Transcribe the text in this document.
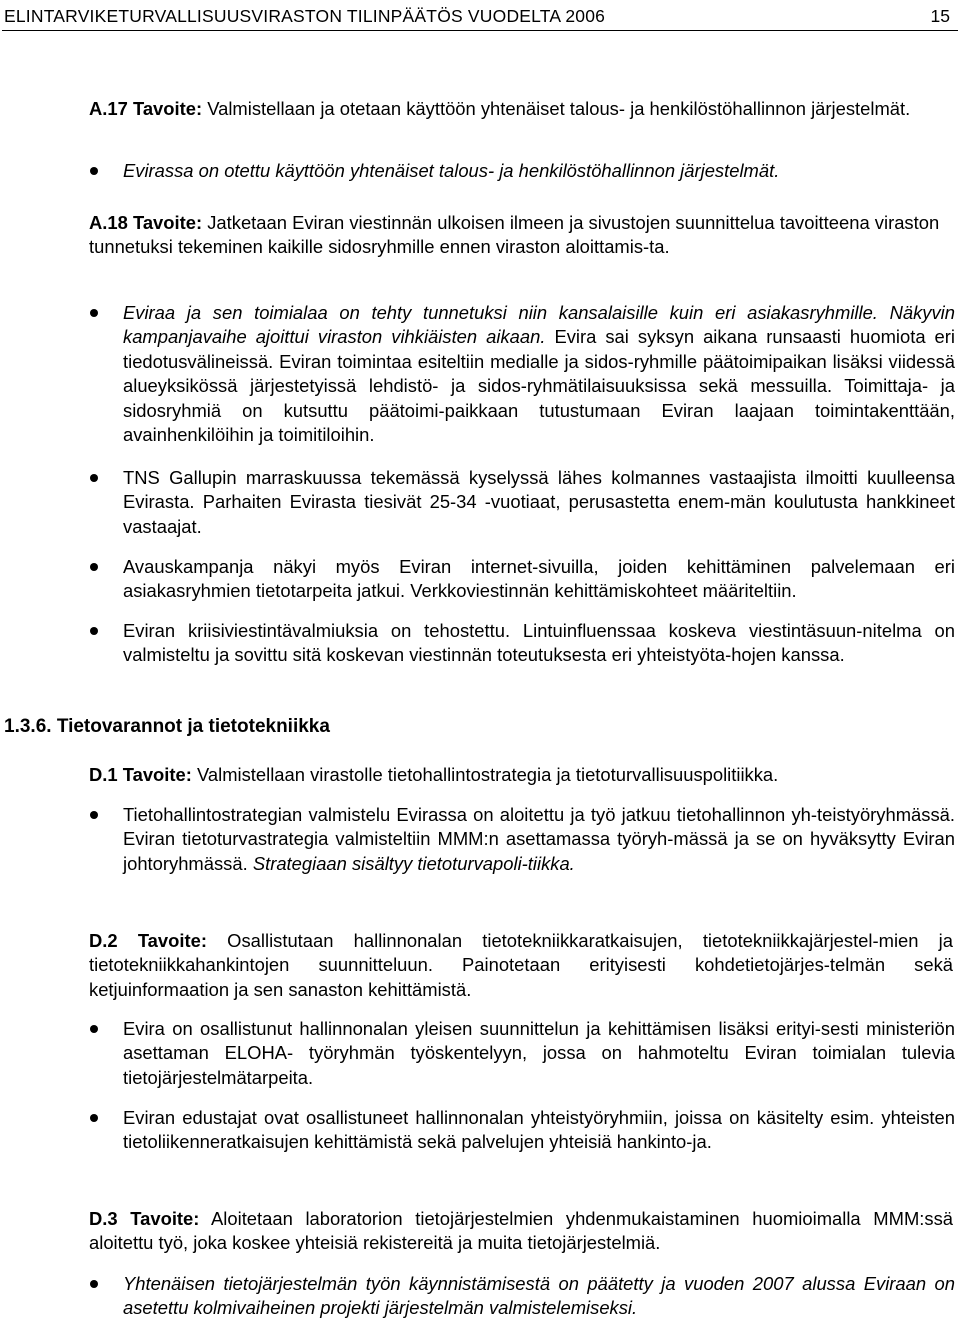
ELINTARVIKETURVALLISUUSVIRASTON TILINPÄÄTÖS VUODELTA 2006	15

A.17 Tavoite: Valmistellaan ja otetaan käyttöön yhtenäiset talous- ja henkilöstöhallinnon järjestelmät.

Evirassa on otettu käyttöön yhtenäiset talous- ja henkilöstöhallinnon järjestelmät.

A.18 Tavoite: Jatketaan Eviran viestinnän ulkoisen ilmeen ja sivustojen suunnittelua tavoitteena viraston tunnetuksi tekeminen kaikille sidosryhmille ennen viraston aloittamis-ta.

Eviraa ja sen toimialaa on tehty tunnetuksi niin kansalaisille kuin eri asiakasryhmille. Näkyvin kampanjavaihe ajoittui viraston vihkiäisten aikaan. Evira sai syksyn aikana runsaasti huomiota eri tiedotusvälineissä. Eviran toimintaa esiteltiin medialle ja sidos-ryhmille päätoimipaikan lisäksi viidessä alueyksikössä järjestetyissä lehdistö- ja sidos-ryhmätilaisuuksissa sekä messuilla. Toimittaja- ja sidosryhmiä on kutsuttu päätoimi-paikkaan tutustumaan Eviran laajaan toimintakenttään, avainhenkilöihin ja toimitiloihin.

TNS Gallupin marraskuussa tekemässä kyselyssä lähes kolmannes vastaajista ilmoitti kuulleensa Evirasta. Parhaiten Evirasta tiesivät 25-34 -vuotiaat, perusastetta enem-män koulutusta hankkineet vastaajat.

Avauskampanja näkyi myös Eviran internet-sivuilla, joiden kehittäminen palvelemaan eri asiakasryhmien tietotarpeita jatkui. Verkkoviestinnän kehittämiskohteet määriteltiin.

Eviran kriisiviestintävalmiuksia on tehostettu. Lintuinfluenssaa koskeva viestintäsuun-nitelma on valmisteltu ja sovittu sitä koskevan viestinnän toteutuksesta eri yhteistyöta-hojen kanssa.

1.3.6. Tietovarannot ja tietotekniikka

D.1 Tavoite: Valmistellaan virastolle tietohallintostrategia ja tietoturvallisuuspolitiikka.

Tietohallintostrategian valmistelu Evirassa on aloitettu ja työ jatkuu tietohallinnon yh-teistyöryhmässä. Eviran tietoturvastrategia valmisteltiin MMM:n asettamassa työryh-mässä ja se on hyväksytty Eviran johtoryhmässä. Strategiaan sisältyy tietoturvapoli-tiikka.

D.2 Tavoite: Osallistutaan hallinnonalan tietotekniikkaratkaisujen, tietotekniikkajärjestel-mien ja tietotekniikkahankintojen suunnitteluun. Painotetaan erityisesti kohdetietojärjes-telmän sekä ketjuinformaation ja sen sanaston kehittämistä.

Evira on osallistunut hallinnonalan yleisen suunnittelun ja kehittämisen lisäksi erityi-sesti ministeriön asettaman ELOHA- työryhmän työskentelyyn, jossa on hahmoteltu Eviran toimialan tulevia tietojärjestelmätarpeita.

Eviran edustajat ovat osallistuneet hallinnonalan yhteistyöryhmiin, joissa on käsitelty esim. yhteisten tietoliikenneratkaisujen kehittämistä sekä palvelujen yhteisiä hankinto-ja.

D.3 Tavoite: Aloitetaan laboratorion tietojärjestelmien yhdenmukaistaminen huomioimalla MMM:ssä aloitettu työ, joka koskee yhteisiä rekistereitä ja muita tietojärjestelmiä.

Yhtenäisen tietojärjestelmän työn käynnistämisestä on päätetty ja vuoden 2007 alussa Eviraan on asetettu kolmivaiheinen projekti järjestelmän valmistelemiseksi.
